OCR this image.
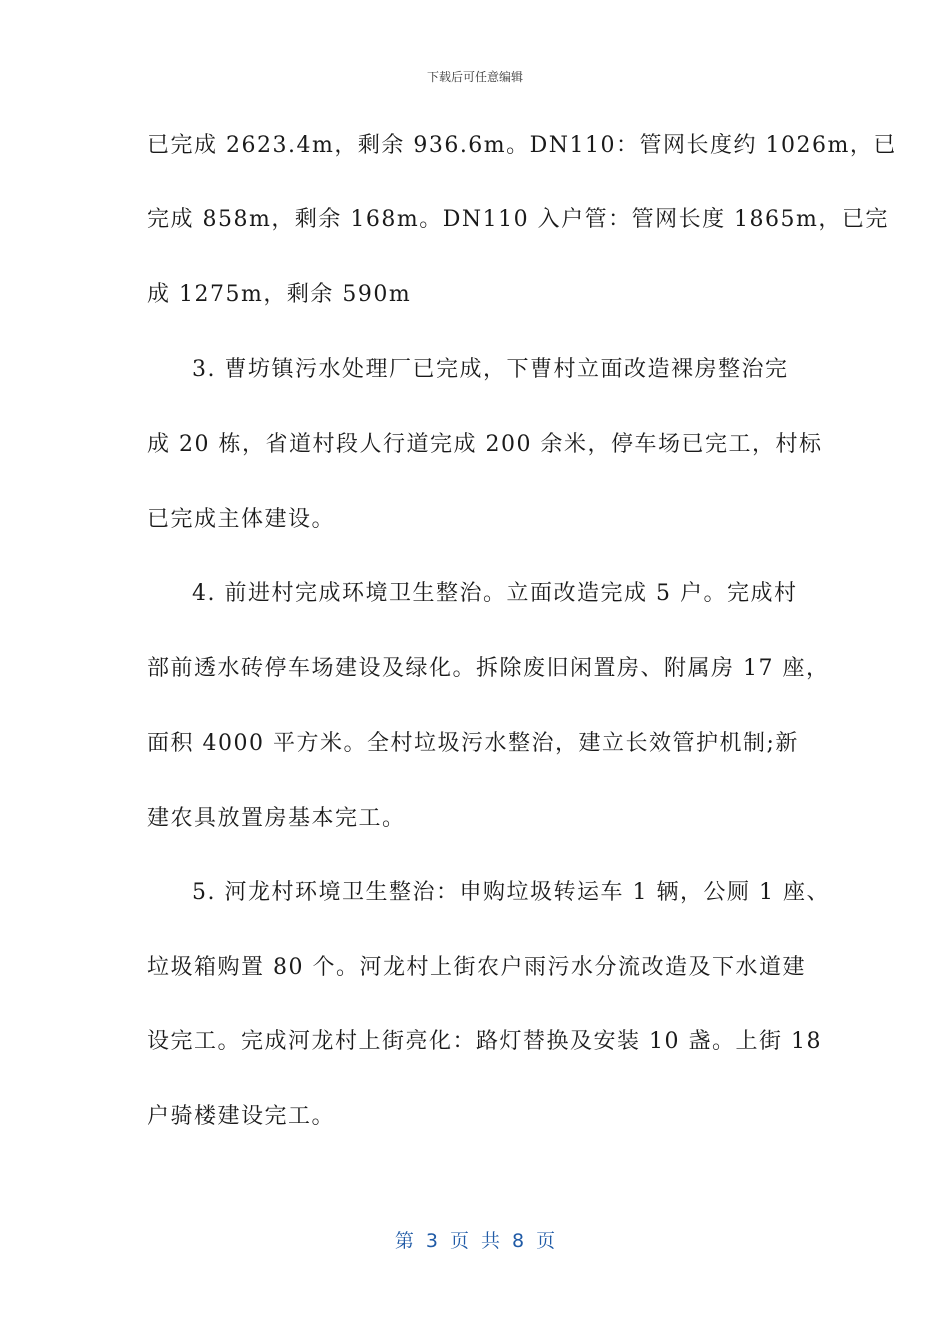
下载后可任意编辑
已完成 2623.4m，剩余 936.6m。DN110：管网长度约 1026m，已
完成 858m，剩余 168m。DN110 入户管：管网长度 1865m，已完
成 1275m，剩余 590m
3. 曹坊镇污水处理厂已完成，下曹村立面改造裸房整治完
成 20 栋，省道村段人行道完成 200 余米，停车场已完工，村标
已完成主体建设。
4. 前进村完成环境卫生整治。立面改造完成 5 户。完成村
部前透水砖停车场建设及绿化。拆除废旧闲置房、附属房 17 座，
面积 4000 平方米。全村垃圾污水整治，建立长效管护机制;新
建农具放置房基本完工。
5. 河龙村环境卫生整治：申购垃圾转运车 1 辆，公厕 1 座、
垃圾箱购置 80 个。河龙村上街农户雨污水分流改造及下水道建
设完工。完成河龙村上街亮化：路灯替换及安装 10 盏。上街 18
户骑楼建设完工。
第 3 页 共 8 页
